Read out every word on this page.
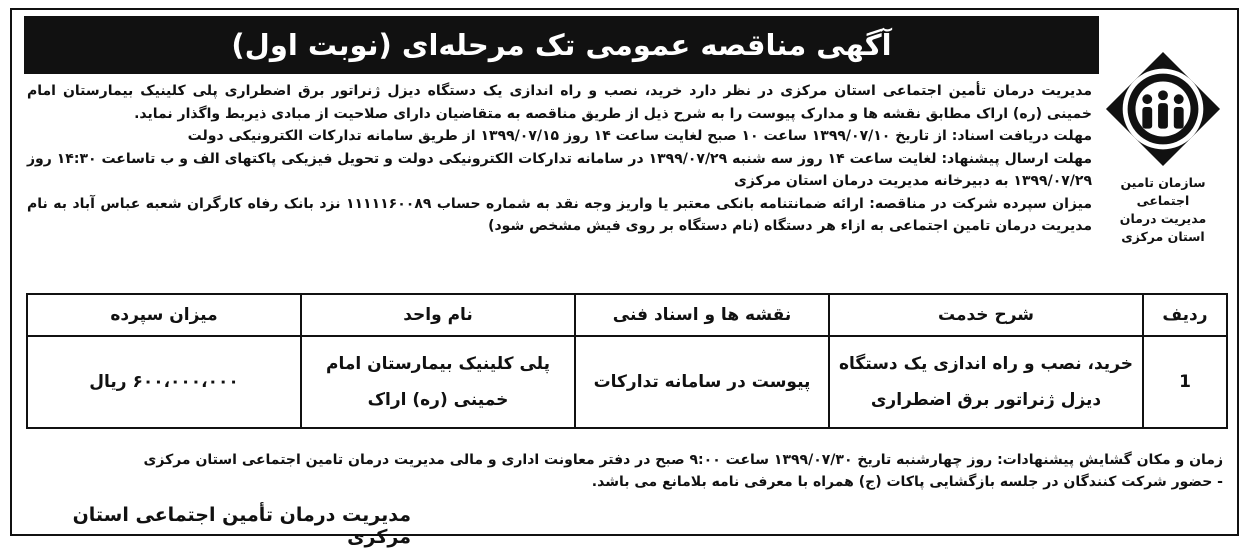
آگهی مناقصه عمومی تک مرحله‌ای (نوبت اول)
سازمان تامین اجتماعی
مدیریت درمان
استان مرکزی

مدیریت درمان تأمین اجتماعی استان مرکزی در نظر دارد خرید، نصب و راه اندازی یک دستگاه دیزل ژنراتور برق اضطراری پلی کلینیک بیمارستان امام خمینی (ره) اراک مطابق نقشه ها و مدارک پیوست را به شرح ذیل از طریق مناقصه به متقاضیان دارای صلاحیت از مبادی ذیربط واگذار نماید.

مهلت دریافت اسناد: از تاریخ ۱۳۹۹/۰۷/۱۰ ساعت ۱۰ صبح لغایت ساعت ۱۴ روز ۱۳۹۹/۰۷/۱۵ از طریق سامانه تدارکات الکترونیکی دولت

مهلت ارسال پیشنهاد: لغایت ساعت ۱۴ روز سه شنبه ۱۳۹۹/۰۷/۲۹ در سامانه تدارکات الکترونیکی دولت و تحویل فیزیکی پاکتهای الف و ب تاساعت ۱۴:۳۰ روز ۱۳۹۹/۰۷/۲۹ به دبیرخانه مدیریت درمان استان مرکزی

میزان سپرده شرکت در مناقصه: ارائه ضمانتنامه بانکی معتبر یا واریز وجه نقد به شماره حساب ۱۱۱۱۱۶۰۰۸۹ نزد بانک رفاه کارگران شعبه عباس آباد به نام مدیریت درمان تامین اجتماعی به ازاء هر دستگاه (نام دستگاه بر روی فیش مشخص شود)

ردیف	شرح خدمت	نقشه ها و اسناد فنی	نام واحد	میزان سپرده
1	خرید، نصب و راه اندازی یک دستگاه دیزل ژنراتور برق اضطراری	پیوست در سامانه تدارکات	پلی کلینیک بیمارستان امام خمینی (ره) اراک	۶۰۰،۰۰۰،۰۰۰ ریال

زمان و مکان گشایش پیشنهادات: روز چهارشنبه تاریخ ۱۳۹۹/۰۷/۳۰ ساعت ۹:۰۰ صبح در دفتر معاونت اداری و مالی مدیریت درمان تامین اجتماعی استان مرکزی

- حضور شرکت کنندگان در جلسه بازگشایی پاکات (ج) همراه با معرفی نامه بلامانع می باشد.

مدیریت درمان تأمین اجتماعی استان مرکزی
